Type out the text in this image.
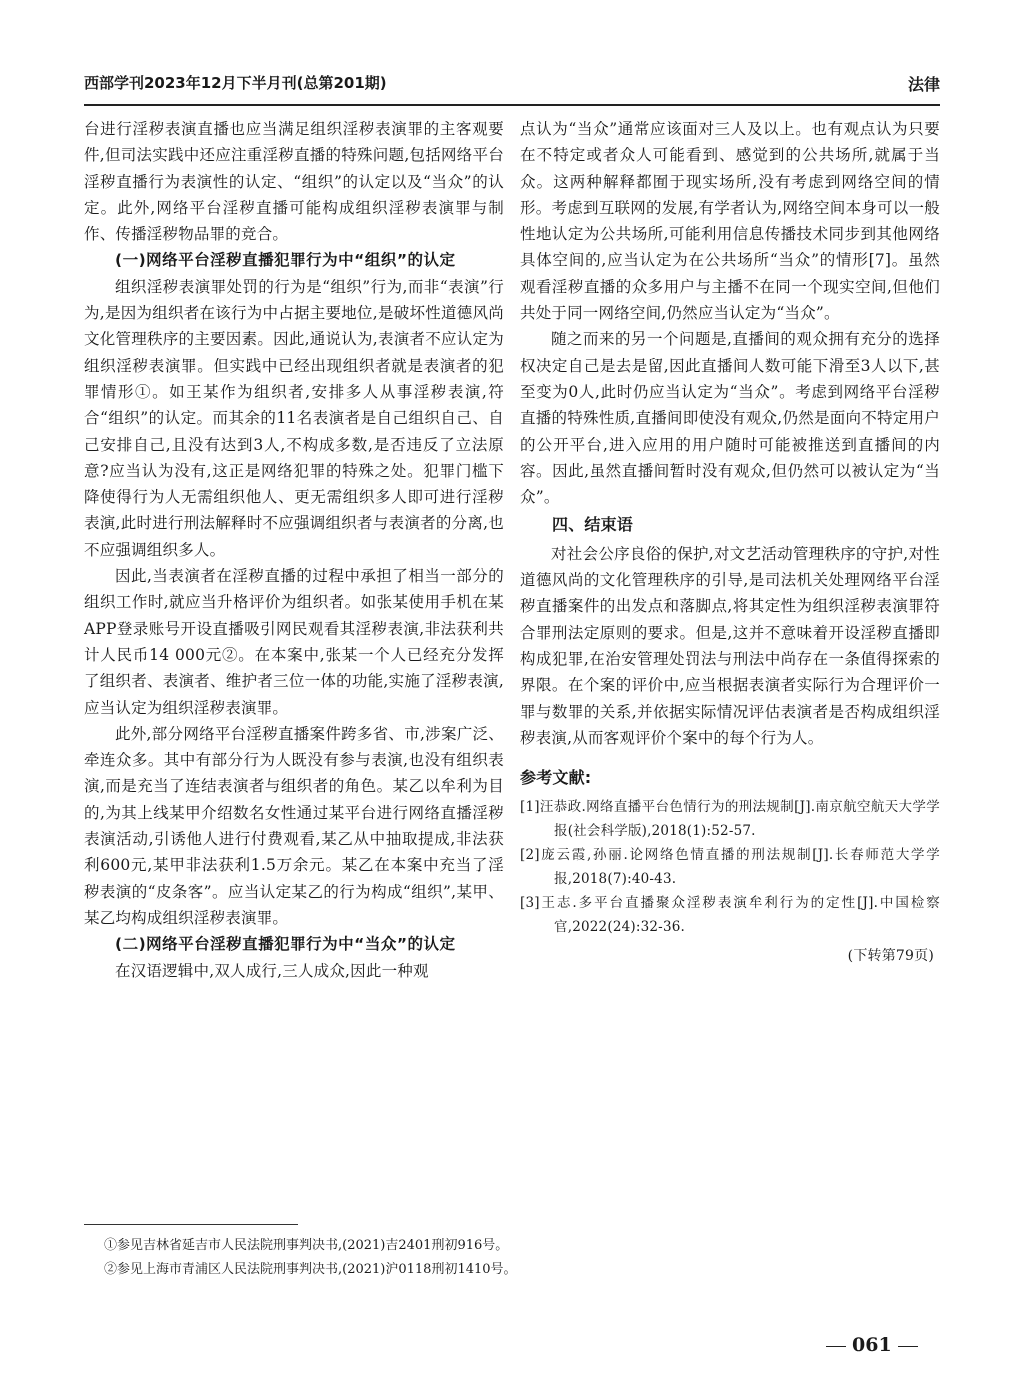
西部学刊2023年12月下半月刊(总第201期)	法律

台进行淫秽表演直播也应当满足组织淫秽表演罪的主客观要件,但司法实践中还应注重淫秽直播的特殊问题,包括网络平台淫秽直播行为表演性的认定、“组织”的认定以及“当众”的认定。此外,网络平台淫秽直播可能构成组织淫秽表演罪与制作、传播淫秽物品罪的竞合。

(一)网络平台淫秽直播犯罪行为中“组织”的认定

组织淫秽表演罪处罚的行为是“组织”行为,而非“表演”行为,是因为组织者在该行为中占据主要地位,是破坏性道德风尚文化管理秩序的主要因素。因此,通说认为,表演者不应认定为组织淫秽表演罪。但实践中已经出现组织者就是表演者的犯罪情形①。如王某作为组织者,安排多人从事淫秽表演,符合“组织”的认定。而其余的11名表演者是自己组织自己、自己安排自己,且没有达到3人,不构成多数,是否违反了立法原意?应当认为没有,这正是网络犯罪的特殊之处。犯罪门槛下降使得行为人无需组织他人、更无需组织多人即可进行淫秽表演,此时进行刑法解释时不应强调组织者与表演者的分离,也不应强调组织多人。

因此,当表演者在淫秽直播的过程中承担了相当一部分的组织工作时,就应当升格评价为组织者。如张某使用手机在某APP登录账号开设直播吸引网民观看其淫秽表演,非法获利共计人民币14 000元②。在本案中,张某一个人已经充分发挥了组织者、表演者、维护者三位一体的功能,实施了淫秽表演,应当认定为组织淫秽表演罪。

此外,部分网络平台淫秽直播案件跨多省、市,涉案广泛、牵连众多。其中有部分行为人既没有参与表演,也没有组织表演,而是充当了连结表演者与组织者的角色。某乙以牟利为目的,为其上线某甲介绍数名女性通过某平台进行网络直播淫秽表演活动,引诱他人进行付费观看,某乙从中抽取提成,非法获利600元,某甲非法获利1.5万余元。某乙在本案中充当了淫秽表演的“皮条客”。应当认定某乙的行为构成“组织”,某甲、某乙均构成组织淫秽表演罪。

(二)网络平台淫秽直播犯罪行为中“当众”的认定

在汉语逻辑中,双人成行,三人成众,因此一种观

点认为“当众”通常应该面对三人及以上。也有观点认为只要在不特定或者众人可能看到、感觉到的公共场所,就属于当众。这两种解释都囿于现实场所,没有考虑到网络空间的情形。考虑到互联网的发展,有学者认为,网络空间本身可以一般性地认定为公共场所,可能利用信息传播技术同步到其他网络具体空间的,应当认定为在公共场所“当众”的情形[7]。虽然观看淫秽直播的众多用户与主播不在同一个现实空间,但他们共处于同一网络空间,仍然应当认定为“当众”。

随之而来的另一个问题是,直播间的观众拥有充分的选择权决定自己是去是留,因此直播间人数可能下滑至3人以下,甚至变为0人,此时仍应当认定为“当众”。考虑到网络平台淫秽直播的特殊性质,直播间即使没有观众,仍然是面向不特定用户的公开平台,进入应用的用户随时可能被推送到直播间的内容。因此,虽然直播间暂时没有观众,但仍然可以被认定为“当众”。

四、结束语

对社会公序良俗的保护,对文艺活动管理秩序的守护,对性道德风尚的文化管理秩序的引导,是司法机关处理网络平台淫秽直播案件的出发点和落脚点,将其定性为组织淫秽表演罪符合罪刑法定原则的要求。但是,这并不意味着开设淫秽直播即构成犯罪,在治安管理处罚法与刑法中尚存在一条值得探索的界限。在个案的评价中,应当根据表演者实际行为合理评价一罪与数罪的关系,并依据实际情况评估表演者是否构成组织淫秽表演,从而客观评价个案中的每个行为人。

参考文献:
[1]汪恭政.网络直播平台色情行为的刑法规制[J].南京航空航天大学学报(社会科学版),2018(1):52-57.
[2]庞云霞,孙丽.论网络色情直播的刑法规制[J].长春师范大学学报,2018(7):40-43.
[3]王志.多平台直播聚众淫秽表演牟利行为的定性[J].中国检察官,2022(24):32-36.
(下转第79页)
①参见吉林省延吉市人民法院刑事判决书,(2021)吉2401刑初916号。
②参见上海市青浦区人民法院刑事判决书,(2021)沪0118刑初1410号。
061
